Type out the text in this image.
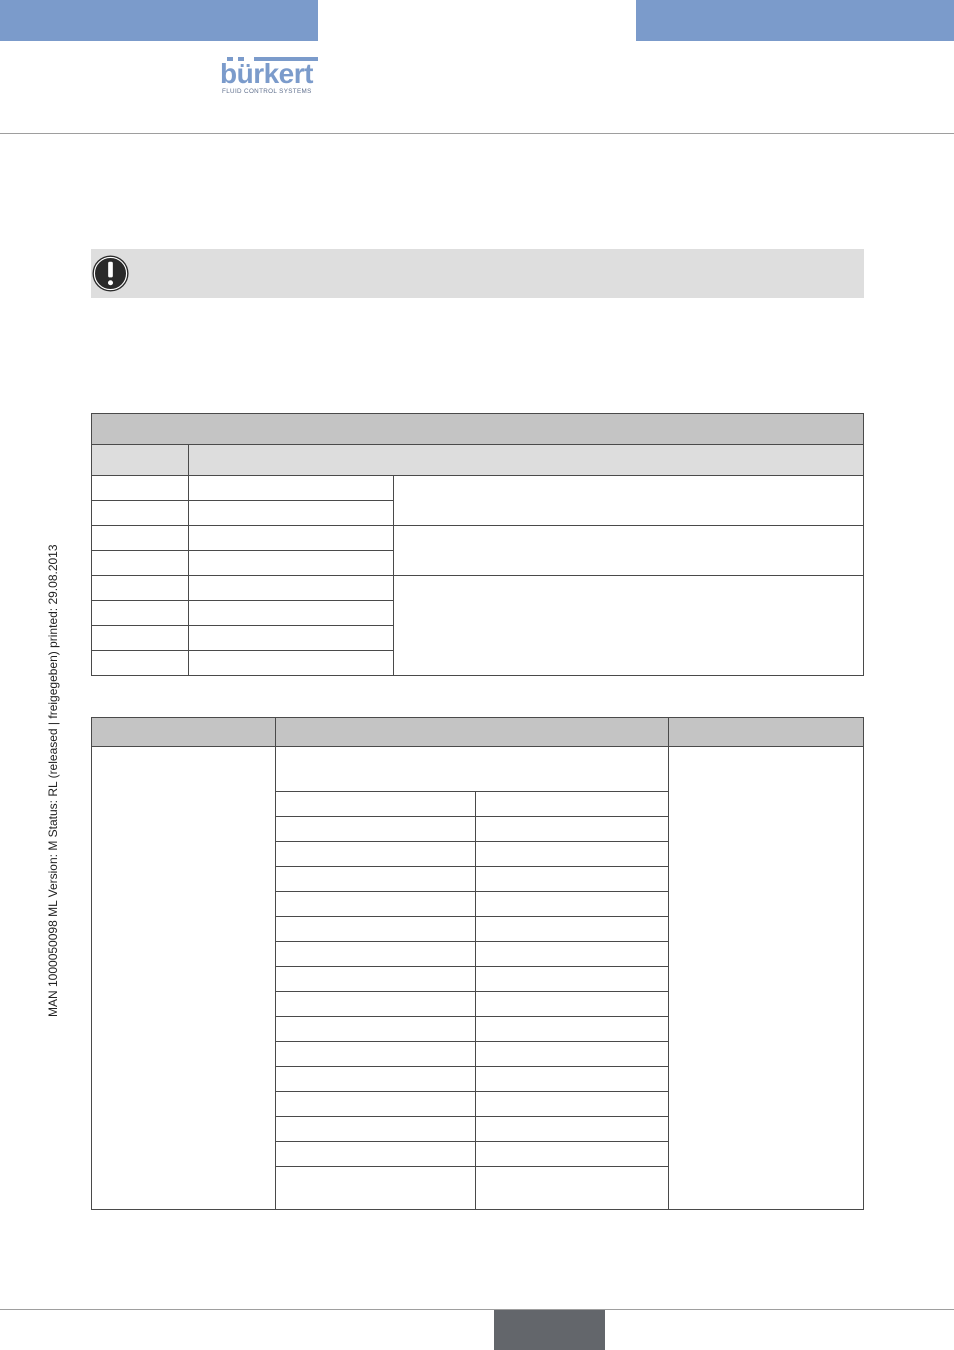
bürkert
FLUID CONTROL SYSTEMS
MAN 1000050098 ML Version: M Status: RL (released | freigegeben) printed: 29.08.2013
